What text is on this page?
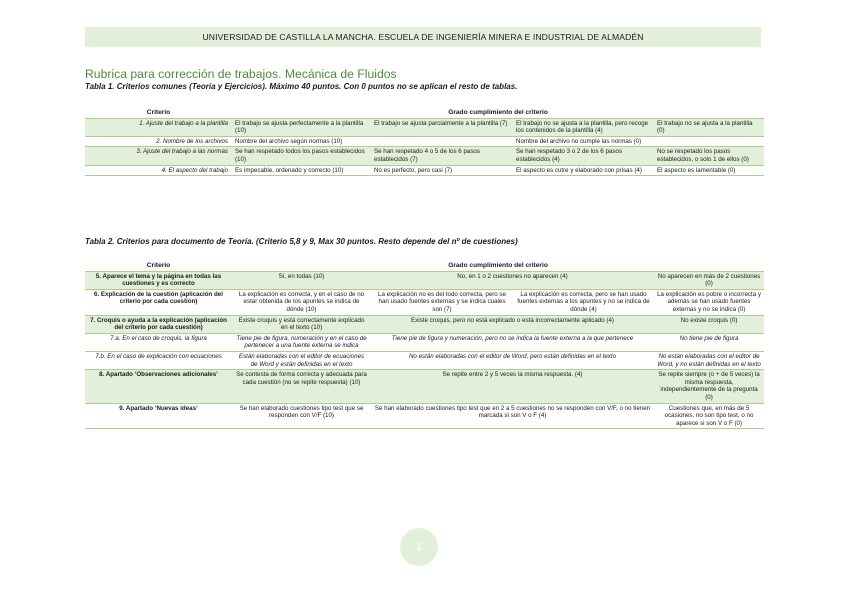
UNIVERSIDAD DE CASTILLA LA MANCHA. ESCUELA DE INGENIERÍA MINERA E INDUSTRIAL DE ALMADÉN
Rubrica para corrección de trabajos. Mecánica de Fluidos
Tabla 1. Criterios comunes (Teoría y Ejercicios). Máximo 40 puntos. Con 0 puntos no se aplican el resto de tablas.
Criterio	Grado cumplimiento del criterio			
1. Ajuste del trabajo a la plantilla	El trabajo se ajusta perfectamente a la plantilla (10)	El trabajo se ajusta parcialmente a la plantilla (7)	El trabajo no se ajusta a la plantilla, pero recoge los contenidos de la plantilla (4)	El trabajo no se ajusta a la plantilla (0)
2. Nombre de los archivos	Nombre del archivo según normas (10)		Nombre del archivo no cumple las normas (0)	
3. Ajuste del trabajo a las normas	Se han respetado todos los pasos establecidos (10)	Se han respetado 4 o 5 de los 6 pasos establecidos (7)	Se han respetado 3 o 2 de los 6 pasos establecidos (4)	No se respetado los pasos establecidos, o solo 1 de ellos (0)
4. El aspecto del trabajo	Es impecable, ordenado y correcto (10)	No es perfecto, pero casi (7)	El aspecto es cutre y elaborado con prisas (4)	El aspecto es lamentable (0)
Tabla 2. Criterios para documento de Teoría. (Criterio 5,8 y 9, Max 30 puntos. Resto depende del nº de cuestiones)
Criterio	Grado cumplimiento del criterio			
5. Aparece el tema y la página en todas las cuestiones y es correcto	Sí, en todas (10)	No, en 1 o 2 cuestiones no aparecen (4)		No aparecen en más de 2 cuestiones (0)
6. Explicación de la cuestión (aplicación del criterio por cada cuestión)	La explicación es correcta, y en el caso de no estar obtenida de los apuntes se indica de dónde (10)	La explicación no es del todo correcta, pero se han usado fuentes externas y se indica cuales son (7)	La explicación es correcta, pero se han usado fuentes externas a los apuntes y no se indica de dónde (4)	La explicación es pobre o incorrecta y además se han usado fuentes externas y no se indica (0)
7. Croquis o ayuda a la explicación (aplicación del criterio por cada cuestión)	Existe croquis y está correctamente explicado en el texto (10)	Existe croquis, pero no está explicado o está incorrectamente aplicado (4)		No existe croquis (0)
7.a. En el caso de croquis, la figura	Tiene pie de figura, numeración y en el caso de pertenecer a una fuente externa se indica	Tiene pie de figura y numeración, pero no se indica la fuente externa a la que pertenece		No tiene pie de figura
7.b. En el caso de explicación con ecuaciones	Están elaboradas con el editor de ecuaciones de Word y están definidas en el texto	No están elaboradas con el editor de Word, pero están definidas en el texto		No están elaboradas con el editor de Word, y no están definidas en el texto
8. Apartado ‘Observaciones adicionales’	Se contesta de forma correcta y adecuada para cada cuestión (no se repite respuesta) (10)	Se repite entre 2 y 5 veces la misma respuesta. (4)		Se repite siempre (o + de 5 veces) la misma respuesta, independientemente de la pregunta (0)
9. Apartado ‘Nuevas ideas’	Se han elaborado cuestiones tipo test que se responden con V/F (10)	Se han elaborado cuestiones tipo test que en 2 a 5 cuestiones no se responden con V/F, o no tienen marcada si son V o F (4)		Cuestiones que, en más de 5 ocasiones, no son tipo test, o no aparece si son V o F (0)
1
